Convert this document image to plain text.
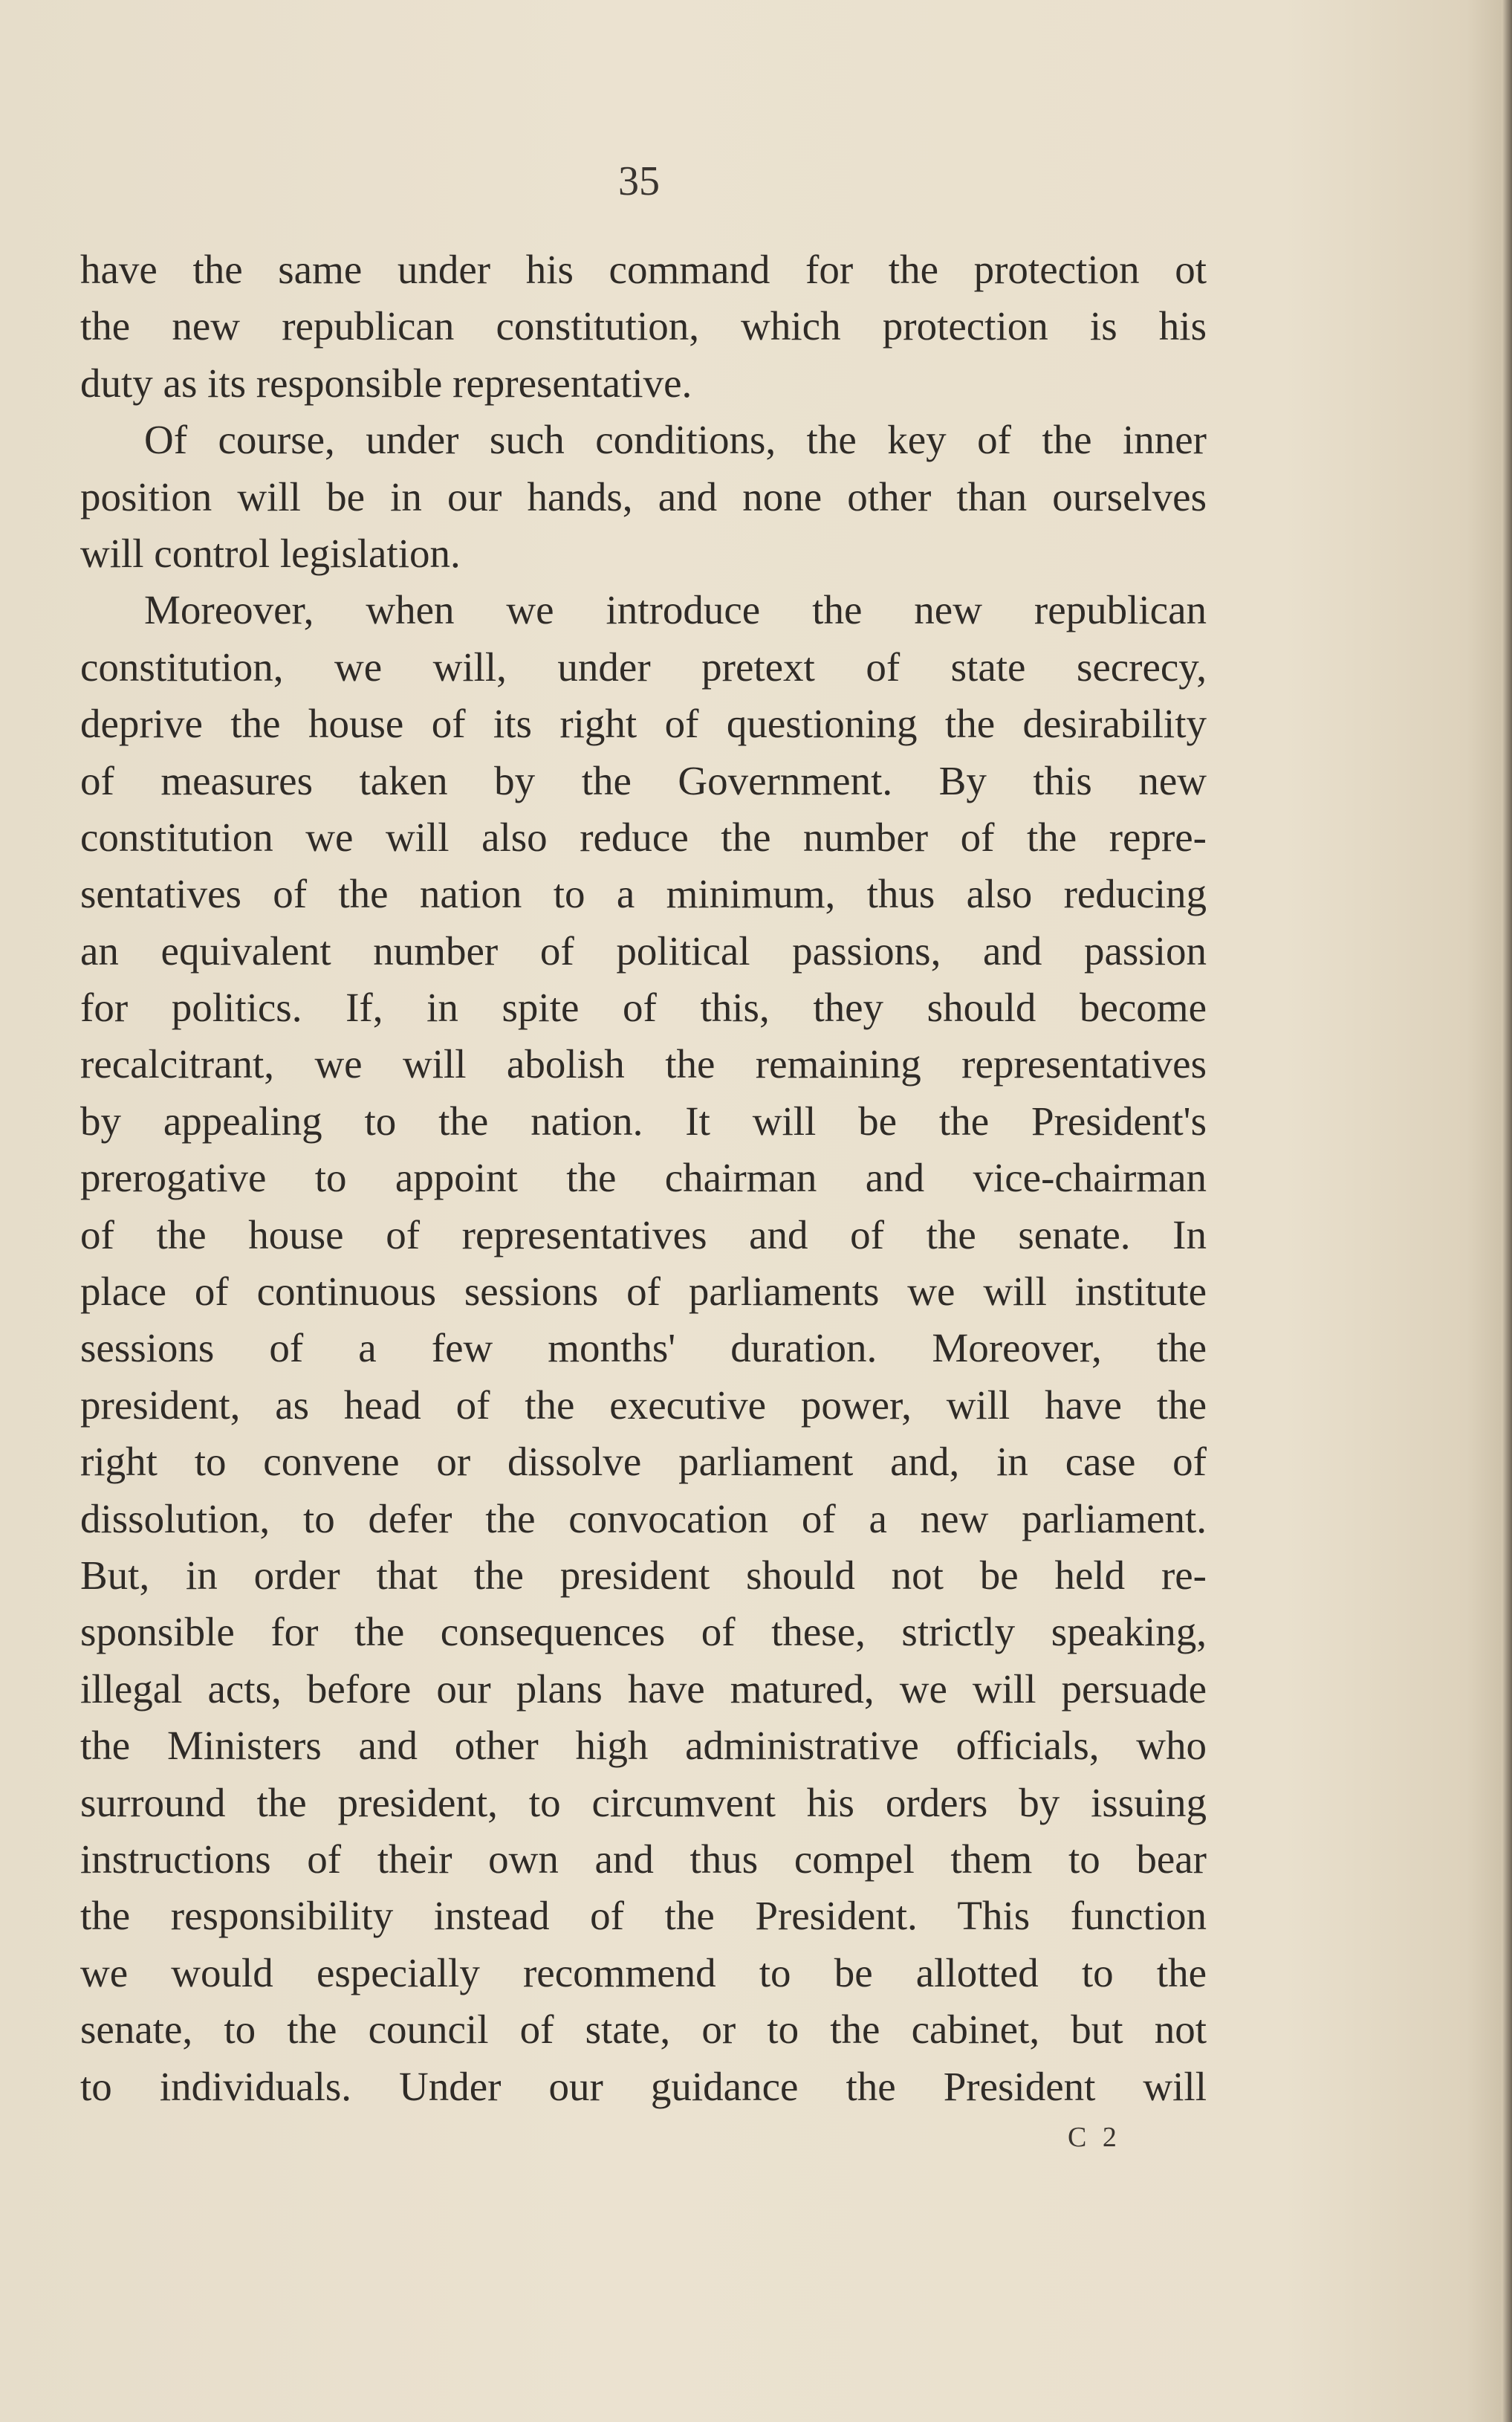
35

have the same under his command for the protection ot
the new republican constitution, which protection is his
duty as its responsible representative.
Of course, under such conditions, the key of the inner
position will be in our hands, and none other than ourselves
will control legislation.
Moreover, when we introduce the new republican
constitution, we will, under pretext of state secrecy,
deprive the house of its right of questioning the desirability
of measures taken by the Government. By this new
constitution we will also reduce the number of the repre-
sentatives of the nation to a minimum, thus also reducing
an equivalent number of political passions, and passion
for politics. If, in spite of this, they should become
recalcitrant, we will abolish the remaining representatives
by appealing to the nation. It will be the President's
prerogative to appoint the chairman and vice-chairman
of the house of representatives and of the senate. In
place of continuous sessions of parliaments we will institute
sessions of a few months' duration. Moreover, the
president, as head of the executive power, will have the
right to convene or dissolve parliament and, in case of
dissolution, to defer the convocation of a new parliament.
But, in order that the president should not be held re-
sponsible for the consequences of these, strictly speaking,
illegal acts, before our plans have matured, we will persuade
the Ministers and other high administrative officials, who
surround the president, to circumvent his orders by issuing
instructions of their own and thus compel them to bear
the responsibility instead of the President. This function
we would especially recommend to be allotted to the
senate, to the council of state, or to the cabinet, but not
to individuals. Under our guidance the President will

C 2
